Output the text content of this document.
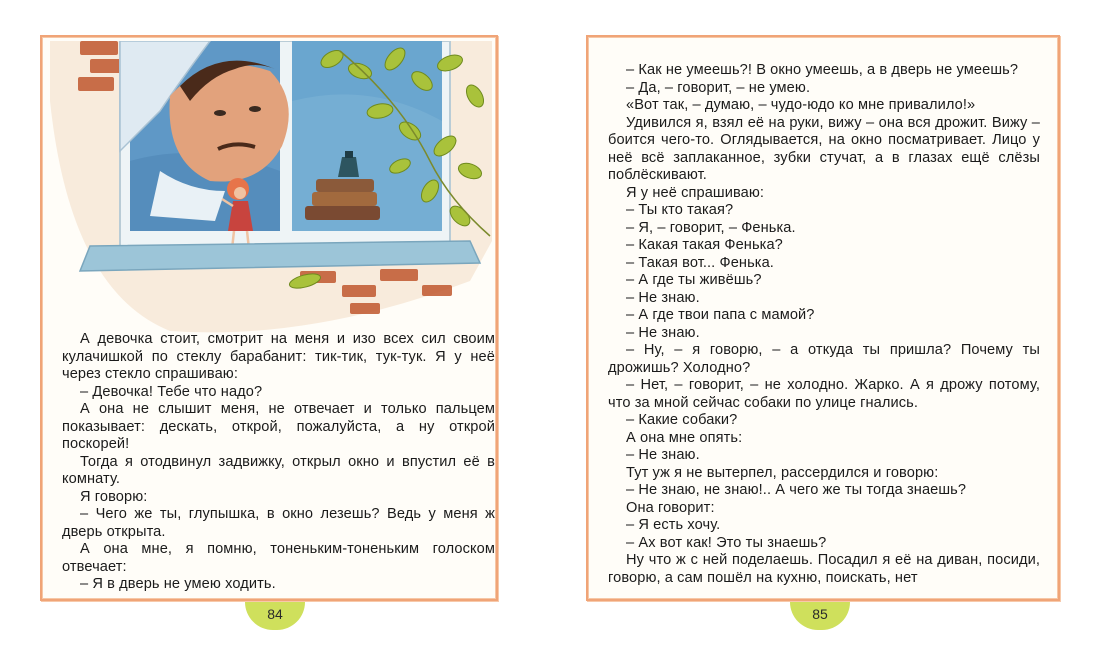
А девочка стоит, смотрит на меня и изо всех сил своим кулачишкой по стеклу барабанит: тик-тик, тук-тук. Я у неё через стекло спрашиваю:

– Девочка! Тебе что надо?

А она не слышит меня, не отвечает и только пальцем показывает: дескать, открой, пожалуйста, а ну открой поскорей!

Тогда я отодвинул задвижку, открыл окно и впустил её в комнату.

Я говорю:

– Чего же ты, глупышка, в окно лезешь? Ведь у меня ж дверь открыта.

А она мне, я помню, тоненьким-тоненьким голоском отвечает:

– Я в дверь не умею ходить.

84

– Как не умеешь?! В окно умеешь, а в дверь не умеешь?

– Да, – говорит, – не умею.

«Вот так, – думаю, – чудо-юдо ко мне привалило!»

Удивился я, взял её на руки, вижу – она вся дрожит. Вижу – боится чего-то. Оглядывается, на окно посматривает. Лицо у неё всё заплаканное, зубки стучат, а в глазах ещё слёзы поблёскивают.

Я у неё спрашиваю:

– Ты кто такая?

– Я, – говорит, – Фенька.

– Какая такая Фенька?

– Такая вот... Фенька.

– А где ты живёшь?

– Не знаю.

– А где твои папа с мамой?

– Не знаю.

– Ну, – я говорю, – а откуда ты пришла? Почему ты дрожишь? Холодно?

– Нет, – говорит, – не холодно. Жарко. А я дрожу потому, что за мной сейчас собаки по улице гнались.

– Какие собаки?

А она мне опять:

– Не знаю.

Тут уж я не вытерпел, рассердился и говорю:

– Не знаю, не знаю!.. А чего же ты тогда знаешь?

Она говорит:

– Я есть хочу.

– Ах вот как! Это ты знаешь?

Ну что ж с ней поделаешь. Посадил я её на диван, посиди, говорю, а сам пошёл на кухню, поискать, нет

85
